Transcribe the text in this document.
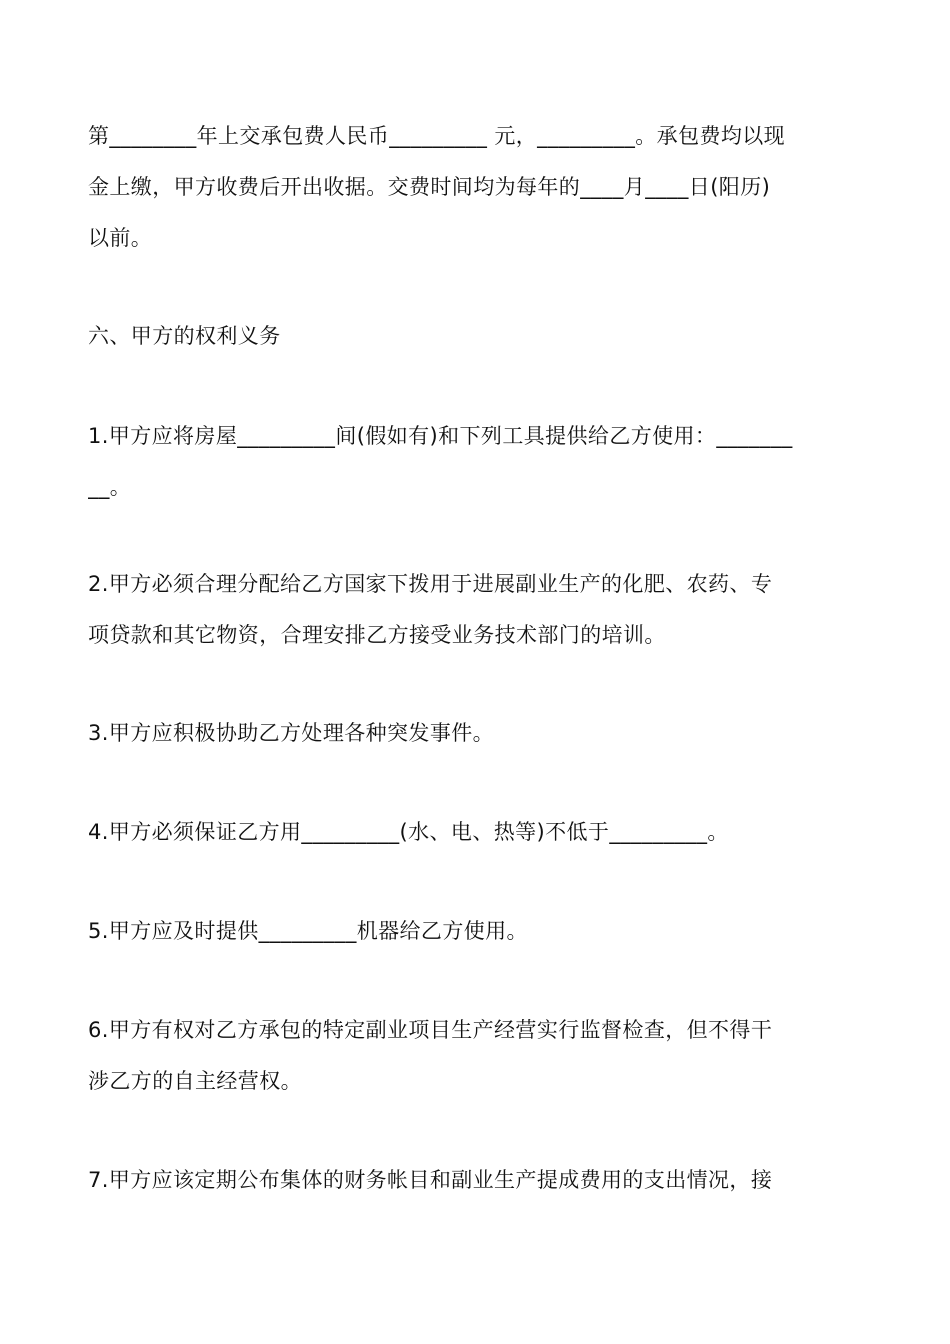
第________年上交承包费人民币_________ 元，_________。承包费均以现
金上缴，甲方收费后开出收据。交费时间均为每年的____月____日(阳历)
以前。
六、甲方的权利义务
1.甲方应将房屋_________间(假如有)和下列工具提供给乙方使用：_______
__。
2.甲方必须合理分配给乙方国家下拨用于进展副业生产的化肥、农药、专
项贷款和其它物资，合理安排乙方接受业务技术部门的培训。
3.甲方应积极协助乙方处理各种突发事件。
4.甲方必须保证乙方用_________(水、电、热等)不低于_________。
5.甲方应及时提供_________机器给乙方使用。
6.甲方有权对乙方承包的特定副业项目生产经营实行监督检查，但不得干
涉乙方的自主经营权。
7.甲方应该定期公布集体的财务帐目和副业生产提成费用的支出情况，接
